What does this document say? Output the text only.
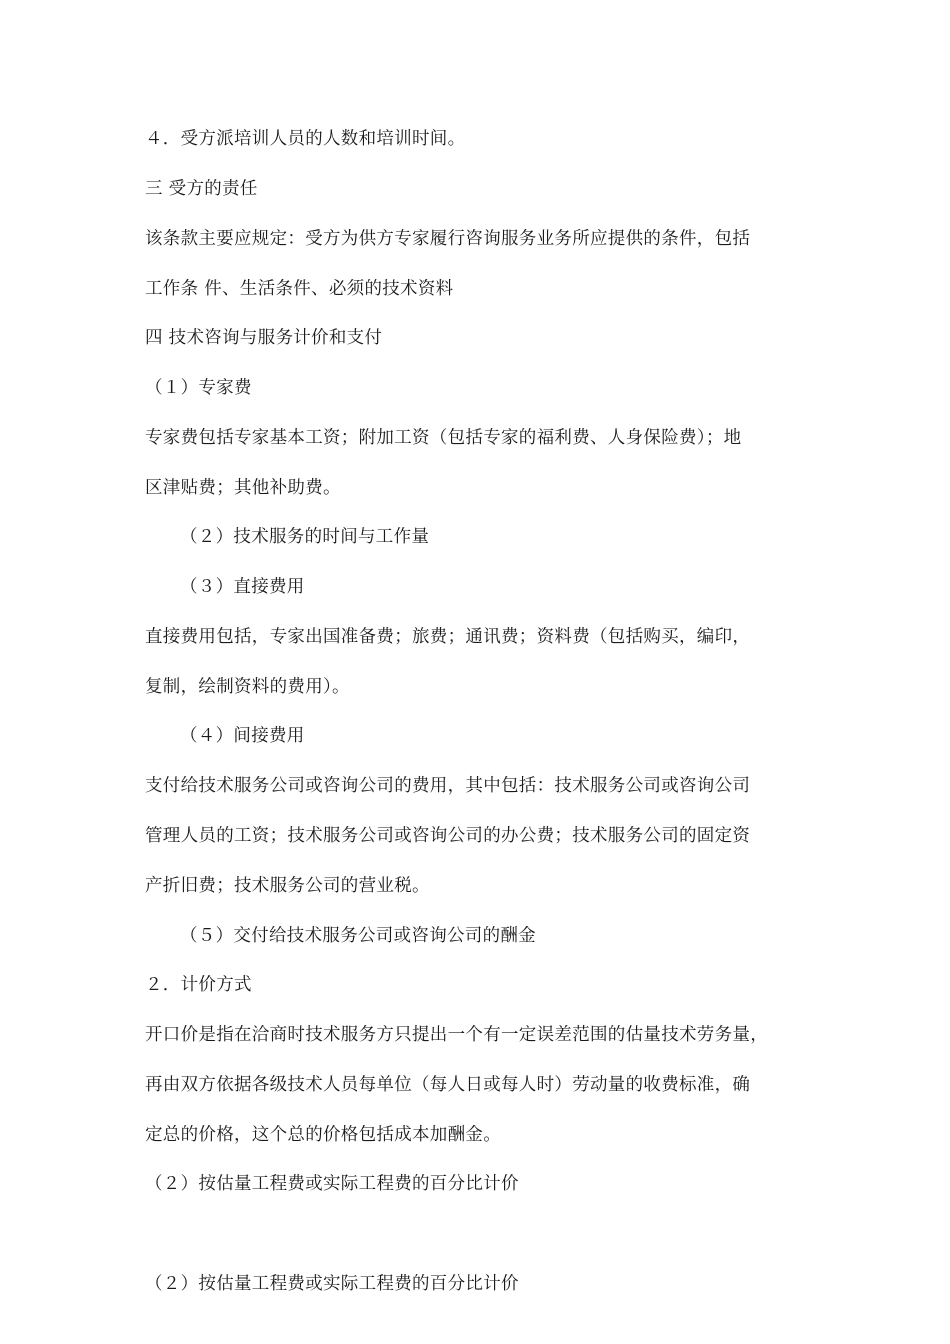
４．受方派培训人员的人数和培训时间。
三 受方的责任
该条款主要应规定：受方为供方专家履行咨询服务业务所应提供的条件，包括
工作条 件、生活条件、必须的技术资料
四 技术咨询与服务计价和支付
（１）专家费
专家费包括专家基本工资；附加工资（包括专家的福利费、人身保险费）；地
区津贴费；其他补助费。
（２）技术服务的时间与工作量
（３）直接费用
直接费用包括，专家出国准备费；旅费；通讯费；资料费（包括购买，编印，
复制，绘制资料的费用）。
（４）间接费用
支付给技术服务公司或咨询公司的费用，其中包括：技术服务公司或咨询公司
管理人员的工资；技术服务公司或咨询公司的办公费；技术服务公司的固定资
产折旧费；技术服务公司的营业税。
（５）交付给技术服务公司或咨询公司的酬金
２．计价方式
开口价是指在洽商时技术服务方只提出一个有一定误差范围的估量技术劳务量，
再由双方依据各级技术人员每单位（每人日或每人时）劳动量的收费标准，确
定总的价格，这个总的价格包括成本加酬金。
（２）按估量工程费或实际工程费的百分比计价
（２）按估量工程费或实际工程费的百分比计价
